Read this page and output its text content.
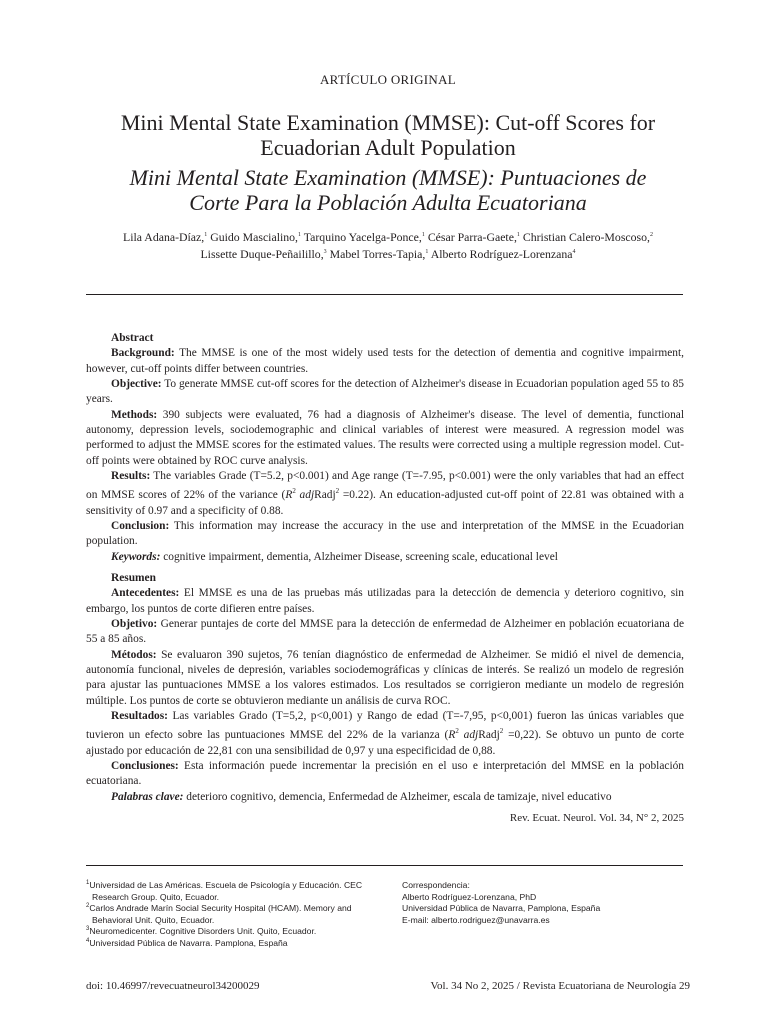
ARTÍCULO ORIGINAL
Mini Mental State Examination (MMSE): Cut-off Scores for Ecuadorian Adult Population
Mini Mental State Examination (MMSE): Puntuaciones de Corte Para la Población Adulta Ecuatoriana
Lila Adana-Díaz,$^1$ Guido Mascialino,$^1$ Tarquino Yacelga-Ponce,$^1$ César Parra-Gaete,$^1$ Christian Calero-Moscoso,$^2$
Lissette Duque-Peñailillo,$^3$ Mabel Torres-Tapia,$^1$ Alberto Rodríguez-Lorenzana$^4$
Abstract

Background: The MMSE is one of the most widely used tests for the detection of dementia and cognitive impairment, however, cut-off points differ between countries.

Objective: To generate MMSE cut-off scores for the detection of Alzheimer's disease in Ecuadorian population aged 55 to 85 years.

Methods: 390 subjects were evaluated, 76 had a diagnosis of Alzheimer's disease. The level of dementia, functional autonomy, depression levels, sociodemographic and clinical variables of interest were measured. A regression model was performed to adjust the MMSE scores for the estimated values. The results were corrected using a multiple regression model. Cut-off points were obtained by ROC curve analysis.

Results: The variables Grade (T=5.2, p<0.001) and Age range (T=-7.95, p<0.001) were the only variables that had an effect on MMSE scores of 22% of the variance ($R^2$ adjRadj$^2$ =0.22). An education-adjusted cut-off point of 22.81 was obtained with a sensitivity of 0.97 and a specificity of 0.88.

Conclusion: This information may increase the accuracy in the use and interpretation of the MMSE in the Ecuadorian population.

Keywords: cognitive impairment, dementia, Alzheimer Disease, screening scale, educational level

Resumen

Antecedentes: El MMSE es una de las pruebas más utilizadas para la detección de demencia y deterioro cognitivo, sin embargo, los puntos de corte difieren entre países.

Objetivo: Generar puntajes de corte del MMSE para la detección de enfermedad de Alzheimer en población ecuatoriana de 55 a 85 años.

Métodos: Se evaluaron 390 sujetos, 76 tenían diagnóstico de enfermedad de Alzheimer. Se midió el nivel de demencia, autonomía funcional, niveles de depresión, variables sociodemográficas y clínicas de interés. Se realizó un modelo de regresión para ajustar las puntuaciones MMSE a los valores estimados. Los resultados se corrigieron mediante un modelo de regresión múltiple. Los puntos de corte se obtuvieron mediante un análisis de curva ROC.

Resultados: Las variables Grado (T=5,2, p<0,001) y Rango de edad (T=-7,95, p<0,001) fueron las únicas variables que tuvieron un efecto sobre las puntuaciones MMSE del 22% de la varianza ($R^2$ adjRadj$^2$ =0,22). Se obtuvo un punto de corte ajustado por educación de 22,81 con una sensibilidad de 0,97 y una especificidad de 0,88.

Conclusiones: Esta información puede incrementar la precisión en el uso e interpretación del MMSE en la población ecuatoriana.

Palabras clave: deterioro cognitivo, demencia, Enfermedad de Alzheimer, escala de tamizaje, nivel educativo

Rev. Ecuat. Neurol. Vol. 34, N° 2, 2025

$^1$Universidad de Las Américas. Escuela de Psicología y Educación. CEC Research Group. Quito, Ecuador.

$^2$Carlos Andrade Marín Social Security Hospital (HCAM). Memory and Behavioral Unit. Quito, Ecuador.

$^3$Neuromedicenter. Cognitive Disorders Unit. Quito, Ecuador.

$^4$Universidad Pública de Navarra. Pamplona, España

Correspondencia:
Alberto Rodríguez-Lorenzana, PhD
Universidad Pública de Navarra, Pamplona, España
E-mail: alberto.rodriguez@unavarra.es
doi: 10.46997/revecuatneurol34200029	Vol. 34 No 2, 2025 / Revista Ecuatoriana de Neurología 29
